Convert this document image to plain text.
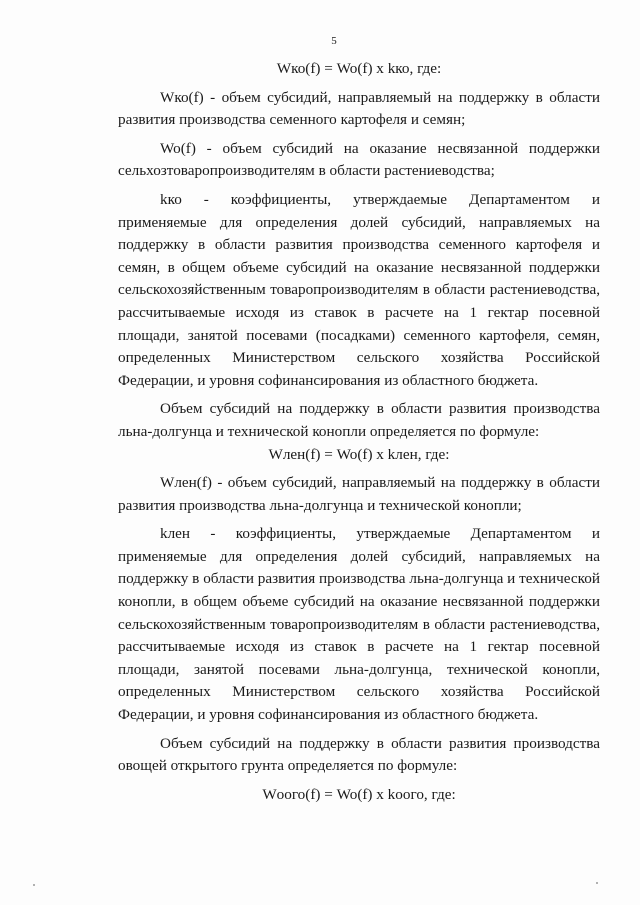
5

Wко(f) = Wo(f) x kко, где:

Wко(f) - объем субсидий, направляемый на поддержку в области развития производства семенного картофеля и семян;

Wo(f) - объем субсидий на оказание несвязанной поддержки сельхозтоваропроизводителям в области растениеводства;

kко - коэффициенты, утверждаемые Департаментом и применяемые для определения долей субсидий, направляемых на поддержку в области развития производства семенного картофеля и семян, в общем объеме субсидий на оказание несвязанной поддержки сельскохозяйственным товаропроизводителям в области растениеводства, рассчитываемые исходя из ставок в расчете на 1 гектар посевной площади, занятой посевами (посадками) семенного картофеля, семян, определенных Министерством сельского хозяйства Российской Федерации, и уровня софинансирования из областного бюджета.

Объем субсидий на поддержку в области развития производства льна-долгунца и технической конопли определяется по формуле:

Wлен(f) = Wo(f) x kлен, где:

Wлен(f) - объем субсидий, направляемый на поддержку в области развития производства льна-долгунца и технической конопли;

kлен - коэффициенты, утверждаемые Департаментом и применяемые для определения долей субсидий, направляемых на поддержку в области развития производства льна-долгунца и технической конопли, в общем объеме субсидий на оказание несвязанной поддержки сельскохозяйственным товаропроизводителям в области растениеводства, рассчитываемые исходя из ставок в расчете на 1 гектар посевной площади, занятой посевами льна-долгунца, технической конопли, определенных Министерством сельского хозяйства Российской Федерации, и уровня софинансирования из областного бюджета.

Объем субсидий на поддержку в области развития производства овощей открытого грунта определяется по формуле:

Wоoго(f) = Wo(f) x kоoго, где:
